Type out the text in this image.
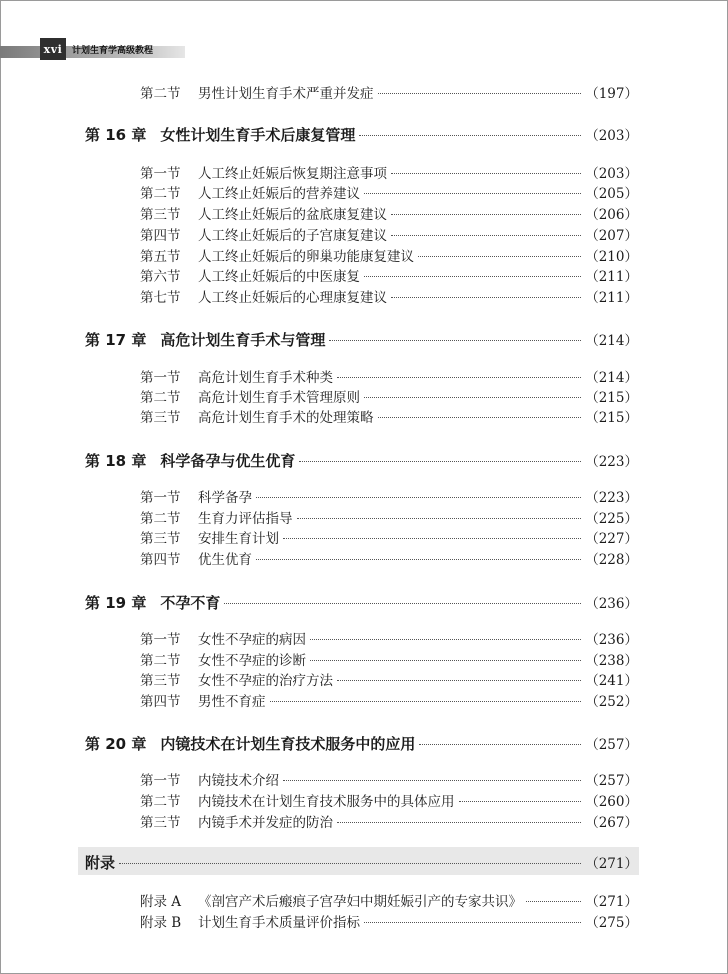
xvi	计划生育学高级教程
第二节	男性计划生育手术严重并发症	（197）
第 16 章 女性计划生育手术后康复管理	（203）
第一节	人工终止妊娠后恢复期注意事项	（203）
第二节	人工终止妊娠后的营养建议	（205）
第三节	人工终止妊娠后的盆底康复建议	（206）
第四节	人工终止妊娠后的子宫康复建议	（207）
第五节	人工终止妊娠后的卵巢功能康复建议	（210）
第六节	人工终止妊娠后的中医康复	（211）
第七节	人工终止妊娠后的心理康复建议	（211）
第 17 章 高危计划生育手术与管理	（214）
第一节	高危计划生育手术种类	（214）
第二节	高危计划生育手术管理原则	（215）
第三节	高危计划生育手术的处理策略	（215）
第 18 章 科学备孕与优生优育	（223）
第一节	科学备孕	（223）
第二节	生育力评估指导	（225）
第三节	安排生育计划	（227）
第四节	优生优育	（228）
第 19 章 不孕不育	（236）
第一节	女性不孕症的病因	（236）
第二节	女性不孕症的诊断	（238）
第三节	女性不孕症的治疗方法	（241）
第四节	男性不育症	（252）
第 20 章 内镜技术在计划生育技术服务中的应用	（257）
第一节	内镜技术介绍	（257）
第二节	内镜技术在计划生育技术服务中的具体应用	（260）
第三节	内镜手术并发症的防治	（267）
附录	（271）
附录 A	《剖宫产术后瘢痕子宫孕妇中期妊娠引产的专家共识》	（271）
附录 B	计划生育手术质量评价指标	（275）
